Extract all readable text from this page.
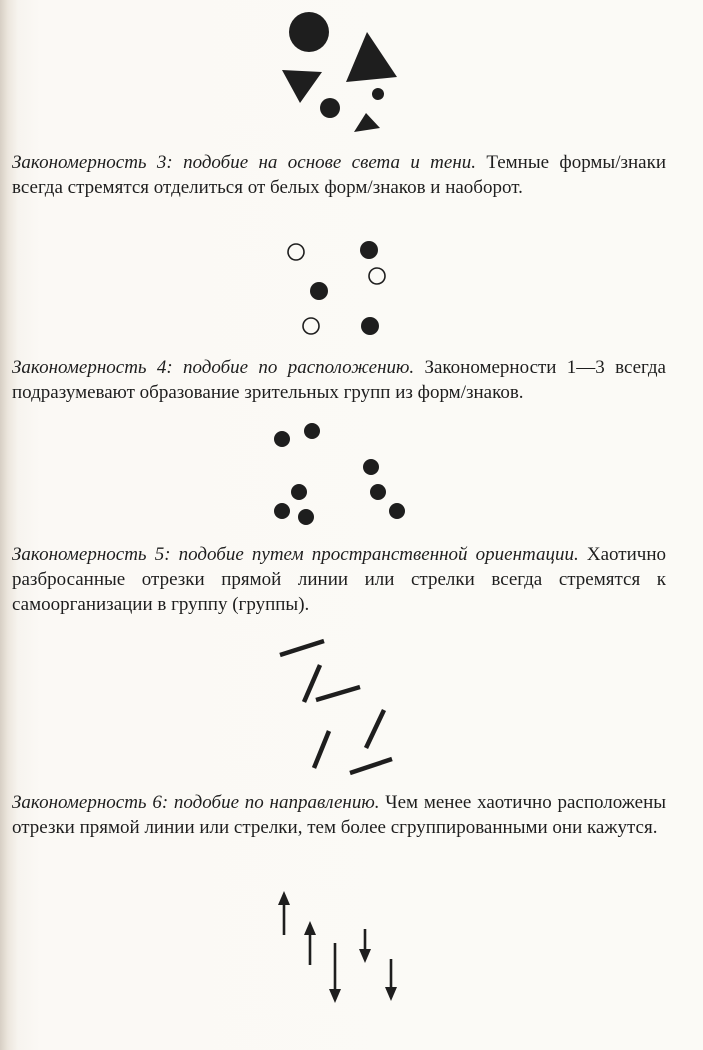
Закономерность 3: подобие на основе света и тени. Темные формы/знаки всегда стремятся отделиться от белых форм/знаков и наоборот.

Закономерность 4: подобие по расположению. Закономерности 1—3 всегда подразумевают образование зрительных групп из форм/знаков.

Закономерность 5: подобие путем пространственной ориентации. Хаотично разбросанные отрезки прямой линии или стрелки всегда стремятся к самоорганизации в группу (группы).

Закономерность 6: подобие по направлению. Чем менее хаотично расположены отрезки прямой линии или стрелки, тем более сгруппированными они кажутся.
